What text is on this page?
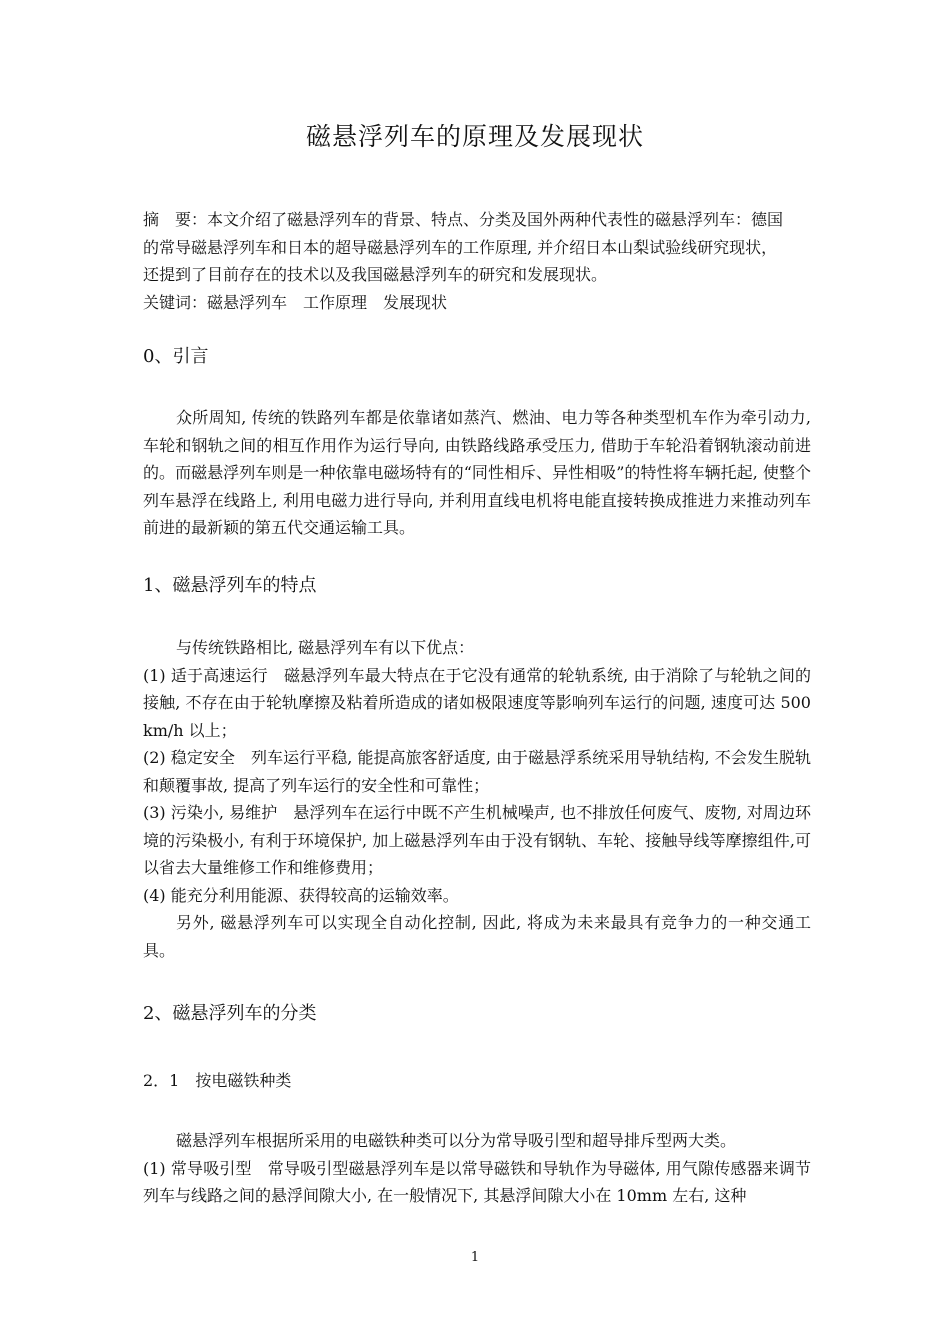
磁悬浮列车的原理及发展现状

摘　要：本文介绍了磁悬浮列车的背景、特点、分类及国外两种代表性的磁悬浮列车：德国

的常导磁悬浮列车和日本的超导磁悬浮列车的工作原理, 并介绍日本山梨试验线研究现状，

还提到了目前存在的技术以及我国磁悬浮列车的研究和发展现状。

关键词：磁悬浮列车　工作原理　发展现状

0、引言

众所周知, 传统的铁路列车都是依靠诸如蒸汽、燃油、电力等各种类型机车作为牵引动力, 车轮和钢轨之间的相互作用作为运行导向, 由铁路线路承受压力, 借助于车轮沿着钢轨滚动前进的。而磁悬浮列车则是一种依靠电磁场特有的“同性相斥、异性相吸”的特性将车辆托起, 使整个列车悬浮在线路上, 利用电磁力进行导向, 并利用直线电机将电能直接转换成推进力来推动列车前进的最新颖的第五代交通运输工具。

1、磁悬浮列车的特点

与传统铁路相比, 磁悬浮列车有以下优点：

(1) 适于高速运行　磁悬浮列车最大特点在于它没有通常的轮轨系统, 由于消除了与轮轨之间的接触, 不存在由于轮轨摩擦及粘着所造成的诸如极限速度等影响列车运行的问题, 速度可达 500 km/h 以上；

(2) 稳定安全　列车运行平稳, 能提高旅客舒适度, 由于磁悬浮系统采用导轨结构, 不会发生脱轨和颠覆事故, 提高了列车运行的安全性和可靠性；

(3) 污染小, 易维护　悬浮列车在运行中既不产生机械噪声, 也不排放任何废气、废物, 对周边环境的污染极小, 有利于环境保护, 加上磁悬浮列车由于没有钢轨、车轮、接触导线等摩擦组件,可以省去大量维修工作和维修费用；

(4) 能充分利用能源、获得较高的运输效率。

另外, 磁悬浮列车可以实现全自动化控制, 因此, 将成为未来最具有竞争力的一种交通工具。

2、磁悬浮列车的分类
2．1　按电磁铁种类

磁悬浮列车根据所采用的电磁铁种类可以分为常导吸引型和超导排斥型两大类。

(1) 常导吸引型　常导吸引型磁悬浮列车是以常导磁铁和导轨作为导磁体, 用气隙传感器来调节列车与线路之间的悬浮间隙大小, 在一般情况下, 其悬浮间隙大小在 10mm 左右, 这种

1
